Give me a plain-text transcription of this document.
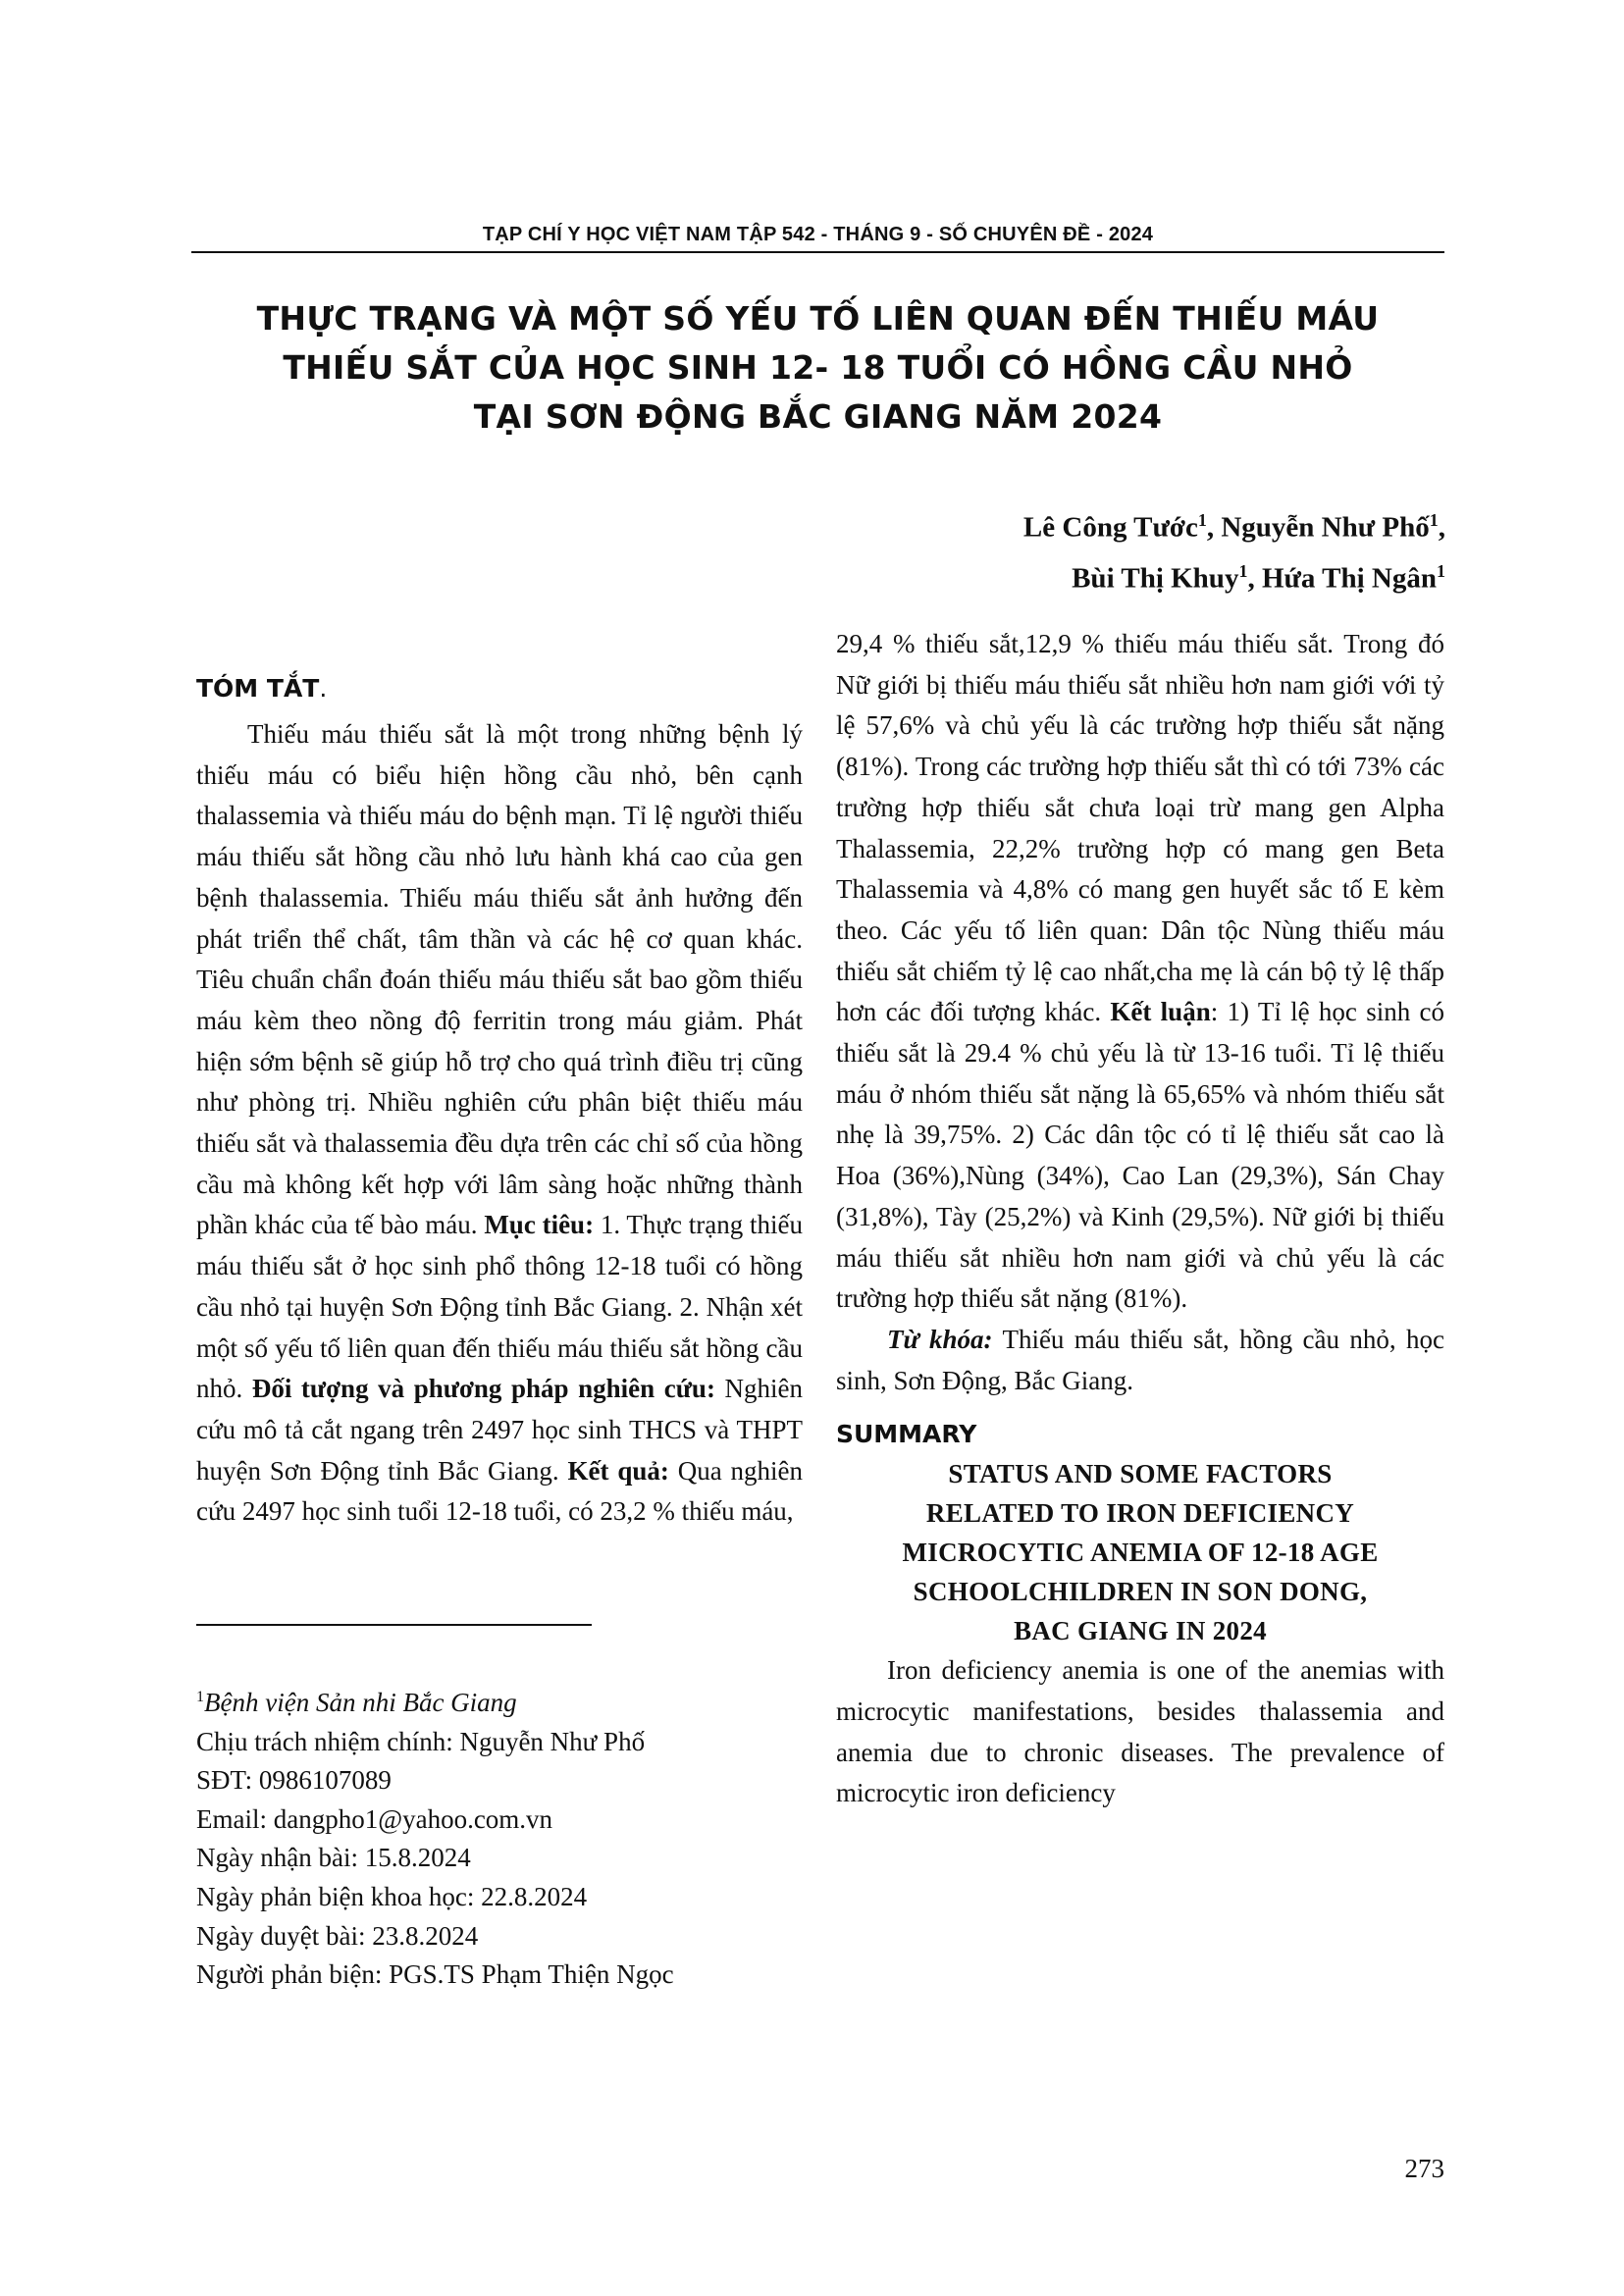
TẠP CHÍ Y HỌC VIỆT NAM TẬP 542 - THÁNG 9 - SỐ CHUYÊN ĐỀ - 2024
THỰC TRẠNG VÀ MỘT SỐ YẾU TỐ LIÊN QUAN ĐẾN THIẾU MÁU
THIẾU SẮT CỦA HỌC SINH 12- 18 TUỔI CÓ HỒNG CẦU NHỎ
TẠI SƠN ĐỘNG BẮC GIANG NĂM 2024
Lê Công Tước$^1$, Nguyễn Như Phố$^1$,
Bùi Thị Khuy$^1$, Hứa Thị Ngân$^1$
TÓM TẮT.

Thiếu máu thiếu sắt là một trong những bệnh lý thiếu máu có biểu hiện hồng cầu nhỏ, bên cạnh thalassemia và thiếu máu do bệnh mạn. Tỉ lệ người thiếu máu thiếu sắt hồng cầu nhỏ lưu hành khá cao của gen bệnh thalassemia. Thiếu máu thiếu sắt ảnh hưởng đến phát triển thể chất, tâm thần và các hệ cơ quan khác. Tiêu chuẩn chẩn đoán thiếu máu thiếu sắt bao gồm thiếu máu kèm theo nồng độ ferritin trong máu giảm. Phát hiện sớm bệnh sẽ giúp hỗ trợ cho quá trình điều trị cũng như phòng trị. Nhiều nghiên cứu phân biệt thiếu máu thiếu sắt và thalassemia đều dựa trên các chỉ số của hồng cầu mà không kết hợp với lâm sàng hoặc những thành phần khác của tế bào máu. Mục tiêu: 1. Thực trạng thiếu máu thiếu sắt ở học sinh phổ thông 12-18 tuổi có hồng cầu nhỏ tại huyện Sơn Động tỉnh Bắc Giang. 2. Nhận xét một số yếu tố liên quan đến thiếu máu thiếu sắt hồng cầu nhỏ. Đối tượng và phương pháp nghiên cứu: Nghiên cứu mô tả cắt ngang trên 2497 học sinh THCS và THPT huyện Sơn Động tỉnh Bắc Giang. Kết quả: Qua nghiên cứu 2497 học sinh tuổi 12-18 tuổi, có 23,2 % thiếu máu,

$^1$Bệnh viện Sản nhi Bắc Giang
Chịu trách nhiệm chính: Nguyễn Như Phố
SĐT: 0986107089
Email: dangpho1@yahoo.com.vn
Ngày nhận bài: 15.8.2024
Ngày phản biện khoa học: 22.8.2024
Ngày duyệt bài: 23.8.2024
Người phản biện: PGS.TS Phạm Thiện Ngọc

29,4 % thiếu sắt,12,9 % thiếu máu thiếu sắt. Trong đó Nữ giới bị thiếu máu thiếu sắt nhiều hơn nam giới với tỷ lệ 57,6% và chủ yếu là các trường hợp thiếu sắt nặng (81%). Trong các trường hợp thiếu sắt thì có tới 73% các trường hợp thiếu sắt chưa loại trừ mang gen Alpha Thalassemia, 22,2% trường hợp có mang gen Beta Thalassemia và 4,8% có mang gen huyết sắc tố E kèm theo. Các yếu tố liên quan: Dân tộc Nùng thiếu máu thiếu sắt chiếm tỷ lệ cao nhất,cha mẹ là cán bộ tỷ lệ thấp hơn các đối tượng khác. Kết luận: 1) Tỉ lệ học sinh có thiếu sắt là 29.4 % chủ yếu là từ 13-16 tuổi. Tỉ lệ thiếu máu ở nhóm thiếu sắt nặng là 65,65% và nhóm thiếu sắt nhẹ là 39,75%. 2) Các dân tộc có tỉ lệ thiếu sắt cao là Hoa (36%),Nùng (34%), Cao Lan (29,3%), Sán Chay (31,8%), Tày (25,2%) và Kinh (29,5%). Nữ giới bị thiếu máu thiếu sắt nhiều hơn nam giới và chủ yếu là các trường hợp thiếu sắt nặng (81%).

Từ khóa: Thiếu máu thiếu sắt, hồng cầu nhỏ, học sinh, Sơn Động, Bắc Giang.

SUMMARY
STATUS AND SOME FACTORS
RELATED TO IRON DEFICIENCY
MICROCYTIC ANEMIA OF 12-18 AGE
SCHOOLCHILDREN IN SON DONG,
BAC GIANG IN 2024

Iron deficiency anemia is one of the anemias with microcytic manifestations, besides thalassemia and anemia due to chronic diseases. The prevalence of microcytic iron deficiency

273
